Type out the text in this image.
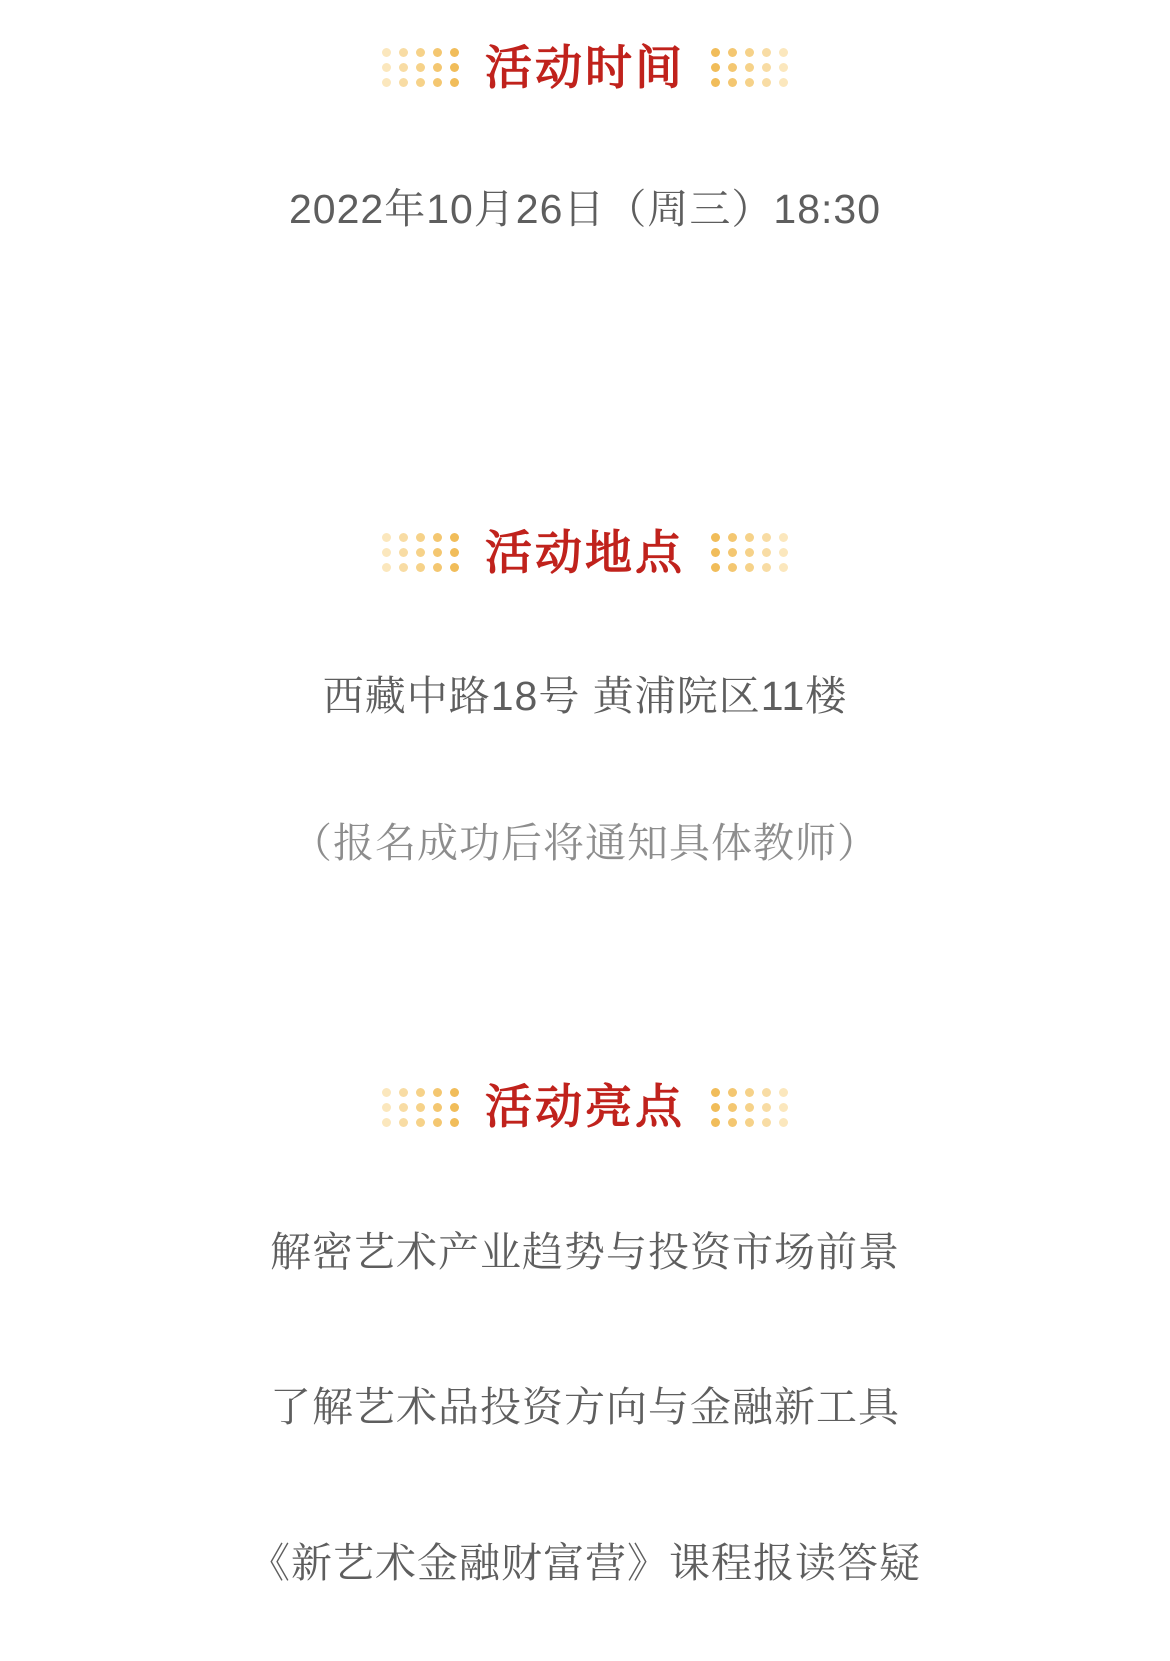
活动时间
2022年10月26日（周三）18:30
活动地点
西藏中路18号 黄浦院区11楼
（报名成功后将通知具体教师）
活动亮点
解密艺术产业趋势与投资市场前景
了解艺术品投资方向与金融新工具
《新艺术金融财富营》课程报读答疑
